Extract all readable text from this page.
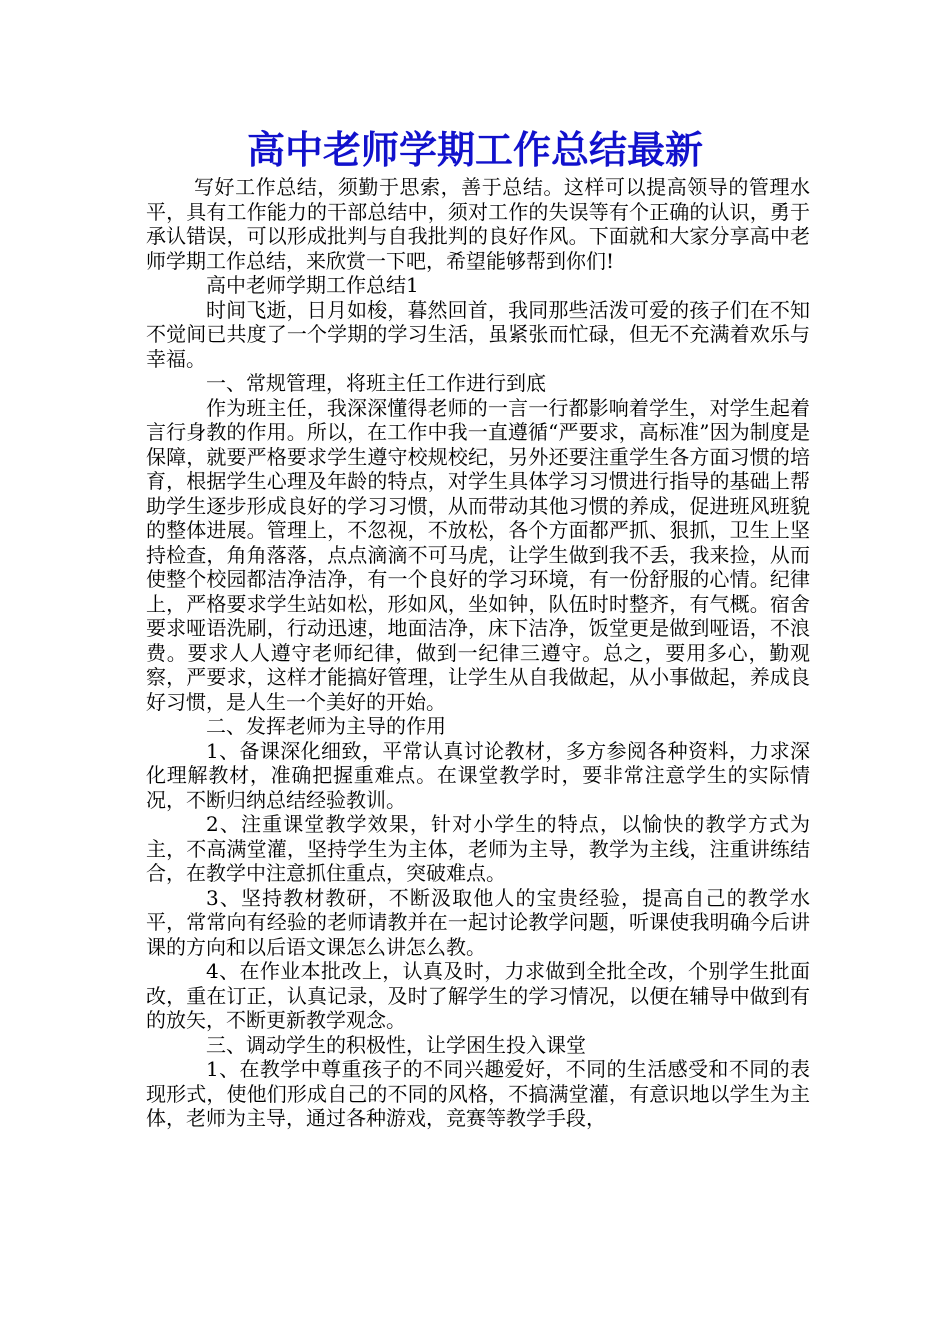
高中老师学期工作总结最新

写好工作总结，须勤于思索，善于总结。这样可以提高领导的管理水平，具有工作能力的干部总结中，须对工作的失误等有个正确的认识，勇于承认错误，可以形成批判与自我批判的良好作风。下面就和大家分享高中老师学期工作总结，来欣赏一下吧，希望能够帮到你们!

高中老师学期工作总结1

时间飞逝，日月如梭，暮然回首，我同那些活泼可爱的孩子们在不知不觉间已共度了一个学期的学习生活，虽紧张而忙碌，但无不充满着欢乐与幸福。

一、常规管理，将班主任工作进行到底

作为班主任，我深深懂得老师的一言一行都影响着学生，对学生起着言行身教的作用。所以，在工作中我一直遵循“严要求，高标准”因为制度是保障，就要严格要求学生遵守校规校纪，另外还要注重学生各方面习惯的培育，根据学生心理及年龄的特点，对学生具体学习习惯进行指导的基础上帮助学生逐步形成良好的学习习惯，从而带动其他习惯的养成，促进班风班貌的整体进展。管理上，不忽视，不放松，各个方面都严抓、狠抓，卫生上坚持检查，角角落落，点点滴滴不可马虎，让学生做到我不丢，我来捡，从而使整个校园都洁净洁净，有一个良好的学习环境，有一份舒服的心情。纪律上，严格要求学生站如松，形如风，坐如钟，队伍时时整齐，有气概。宿舍要求哑语洗刷，行动迅速，地面洁净，床下洁净，饭堂更是做到哑语，不浪费。要求人人遵守老师纪律，做到一纪律三遵守。总之，要用多心，勤观察，严要求，这样才能搞好管理，让学生从自我做起，从小事做起，养成良好习惯，是人生一个美好的开始。

二、发挥老师为主导的作用

1、备课深化细致，平常认真讨论教材，多方参阅各种资料，力求深化理解教材，准确把握重难点。在课堂教学时，要非常注意学生的实际情况，不断归纳总结经验教训。

2、注重课堂教学效果，针对小学生的特点，以愉快的教学方式为主，不高满堂灌，坚持学生为主体，老师为主导，教学为主线，注重讲练结合，在教学中注意抓住重点，突破难点。

3、坚持教材教研，不断汲取他人的宝贵经验，提高自己的教学水平，常常向有经验的老师请教并在一起讨论教学问题，听课使我明确今后讲课的方向和以后语文课怎么讲怎么教。

4、在作业本批改上，认真及时，力求做到全批全改，个别学生批面改，重在订正，认真记录，及时了解学生的学习情况，以便在辅导中做到有的放矢，不断更新教学观念。

三、调动学生的积极性，让学困生投入课堂

1、在教学中尊重孩子的不同兴趣爱好，不同的生活感受和不同的表现形式，使他们形成自己的不同的风格，不搞满堂灌，有意识地以学生为主体，老师为主导，通过各种游戏，竞赛等教学手段，
